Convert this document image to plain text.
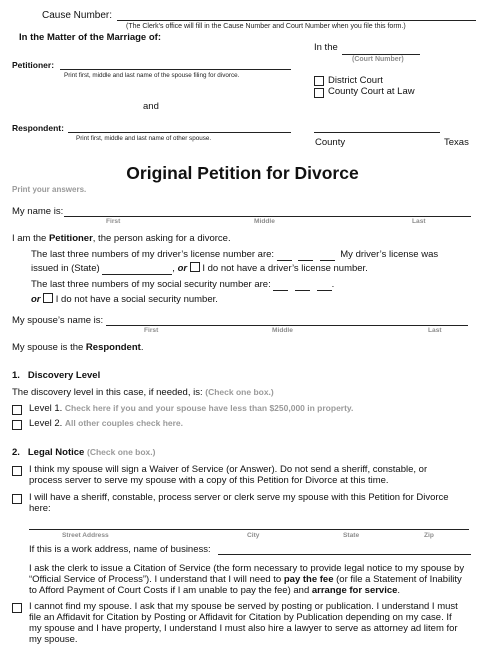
Cause Number:
(The Clerk's office will fill in the Cause Number and Court Number when you file this form.)
In the Matter of the Marriage of:
In the
(Court Number)
Petitioner:
Print first, middle and last name of the spouse filing for divorce.	District Court
County Court at Law
and
Respondent:
Print first, middle and last name of other spouse.	County	Texas
Original Petition for Divorce
Print your answers.
My name is:
First	Middle	Last
I am the Petitioner, the person asking for a divorce.
The last three numbers of my driver’s license number are:	My driver’s license was
issued in (State)	, or I do not have a driver’s license number.
The last three numbers of my social security number are:	.
or I do not have a social security number.
My spouse’s name is:
First	Middle	Last
My spouse is the Respondent.
1. Discovery Level
The discovery level in this case, if needed, is: (Check one box.)
Level 1. Check here if you and your spouse have less than $250,000 in property.
Level 2. All other couples check here.
2. Legal Notice (Check one box.)
I think my spouse will sign a Waiver of Service (or Answer). Do not send a sheriff, constable, or
process server to serve my spouse with a copy of this Petition for Divorce at this time.
I will have a sheriff, constable, process server or clerk serve my spouse with this Petition for Divorce
here:
Street Address	City	State	Zip
If this is a work address, name of business:
I ask the clerk to issue a Citation of Service (the form necessary to provide legal notice to my spouse by
“Official Service of Process”). I understand that I will need to pay the fee (or file a Statement of Inability
to Afford Payment of Court Costs if I am unable to pay the fee) and arrange for service.
I cannot find my spouse. I ask that my spouse be served by posting or publication. I understand I must
file an Affidavit for Citation by Posting or Affidavit for Citation by Publication depending on my case. If
my spouse and I have property, I understand I must also hire a lawyer to serve as attorney ad litem for
my spouse.
